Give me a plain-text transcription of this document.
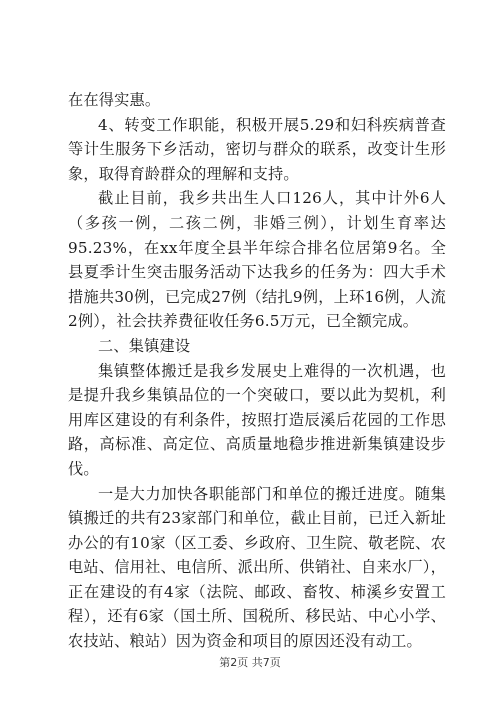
在在得实惠。

4、转变工作职能，积极开展5.29和妇科疾病普查等计生服务下乡活动，密切与群众的联系，改变计生形象，取得育龄群众的理解和支持。

截止目前，我乡共出生人口126人，其中计外6人（多孩一例，二孩二例，非婚三例），计划生育率达95.23%，在xx年度全县半年综合排名位居第9名。全县夏季计生突击服务活动下达我乡的任务为：四大手术措施共30例，已完成27例（结扎9例，上环16例，人流2例），社会扶养费征收任务6.5万元，已全额完成。

二、集镇建设

集镇整体搬迁是我乡发展史上难得的一次机遇，也是提升我乡集镇品位的一个突破口，要以此为契机，利用库区建设的有利条件，按照打造辰溪后花园的工作思路，高标准、高定位、高质量地稳步推进新集镇建设步伐。

一是大力加快各职能部门和单位的搬迁进度。随集镇搬迁的共有23家部门和单位，截止目前，已迁入新址办公的有10家（区工委、乡政府、卫生院、敬老院、农电站、信用社、电信所、派出所、供销社、自来水厂），正在建设的有4家（法院、邮政、畜牧、柿溪乡安置工程），还有6家（国土所、国税所、移民站、中心小学、农技站、粮站）因为资金和项目的原因还没有动工。

第2页 共7页
